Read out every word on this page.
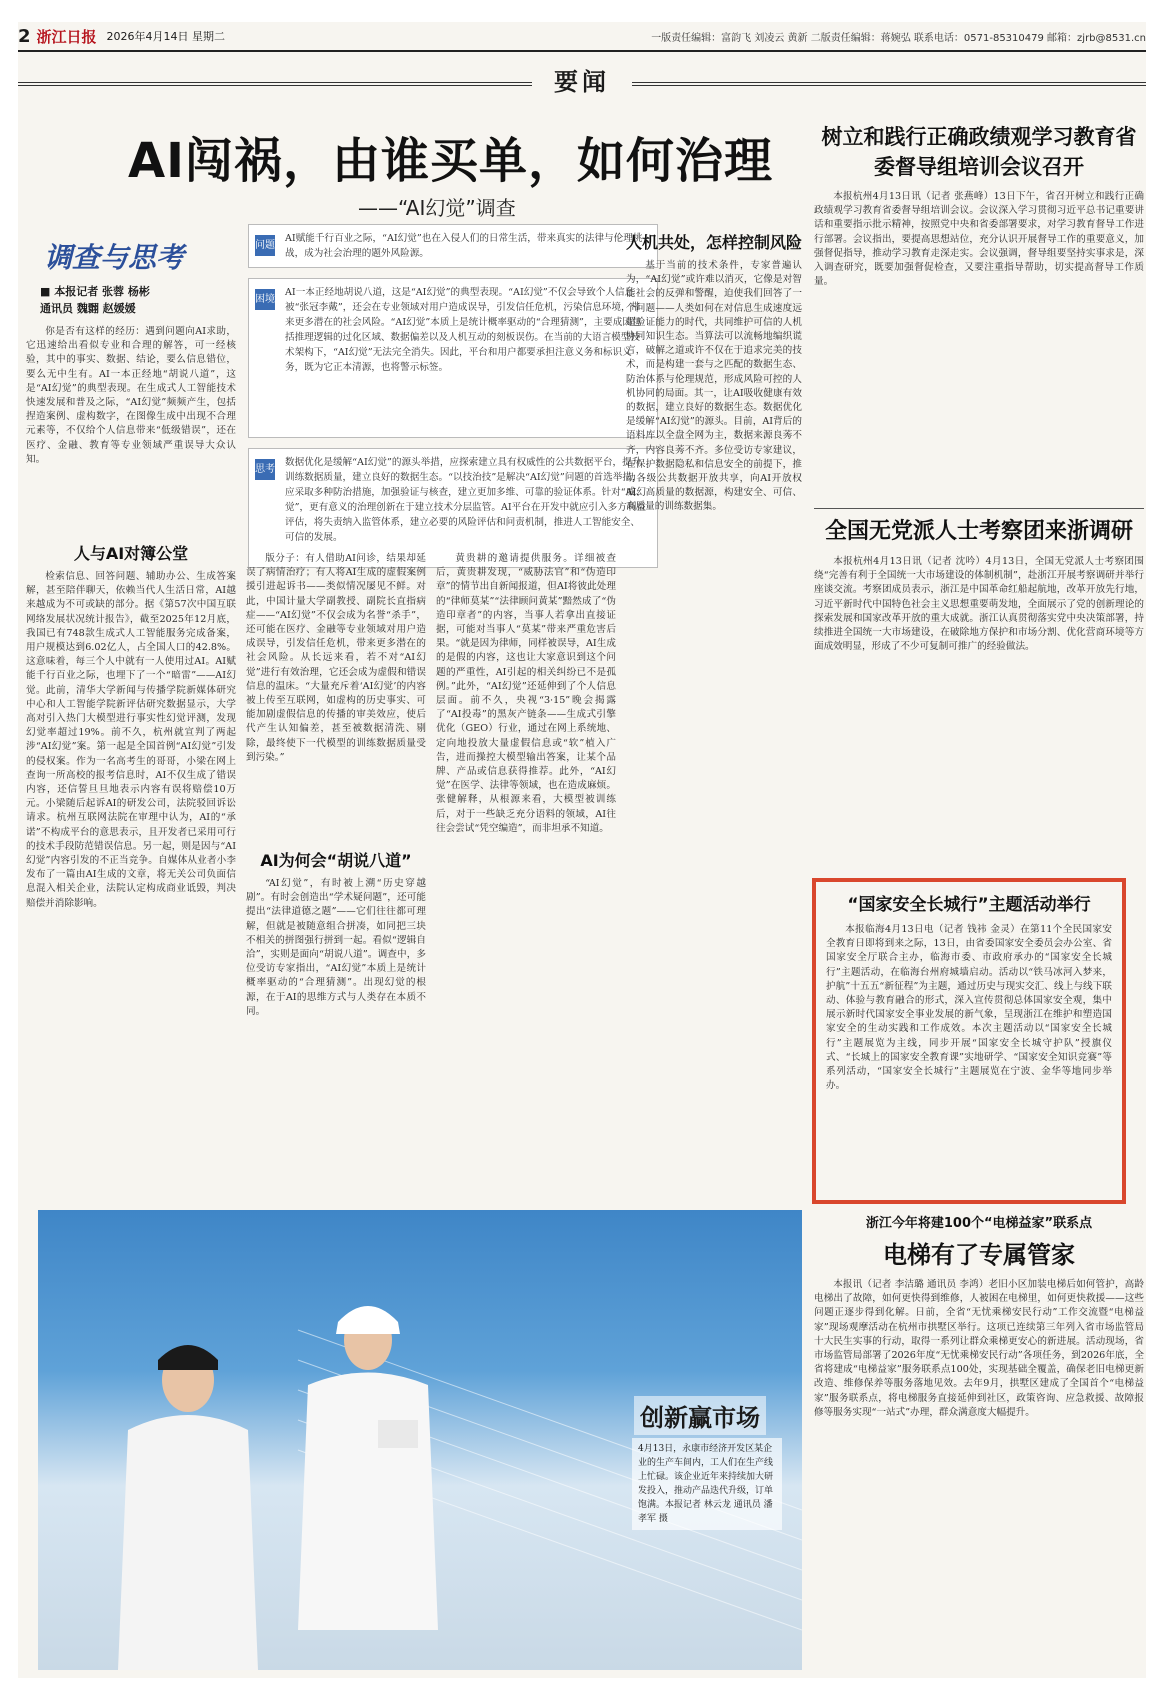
2 浙江日报 2026年4月14日 星期二	一版责任编辑：富韵飞 刘凌云 黄新 二版责任编辑：蒋婉弘 联系电话：0571-85310479 邮箱：zjrb@8531.cn
要闻
AI闯祸，由谁买单，如何治理
——“AI幻觉”调查
调查与思考
■ 本报记者 张蓉 杨彬
通讯员 魏翾 赵媛媛
你是否有这样的经历：遇到问题向AI求助，它迅速给出看似专业和合理的解答，可一经核验，其中的事实、数据、结论，要么信息错位，要么无中生有。AI一本正经地“胡说八道”，这是“AI幻觉”的典型表现。在生成式人工智能技术快速发展和普及之际，“AI幻觉”频频产生，包括捏造案例、虚构数字，在图像生成中出现不合理元素等，不仅给个人信息带来“低级错误”，还在医疗、金融、教育等专业领域严重误导大众认知。
人与AI对簿公堂
检索信息、回答问题、辅助办公、生成答案解，甚至陪伴聊天，依赖当代人生活日常，AI越来越成为不可或缺的部分。据《第57次中国互联网络发展状况统计报告》，截至2025年12月底，我国已有748款生成式人工智能服务完成备案，用户规模达到6.02亿人，占全国人口的42.8%。这意味着，每三个人中就有一人使用过AI。AI赋能千行百业之际，也埋下了一个“暗雷”——AI幻觉。此前，清华大学新闻与传播学院新媒体研究中心和人工智能学院新评估研究数据显示，大学高对引入热门大模型进行事实性幻觉评测，发现幻觉率超过19%。前不久，杭州就宣判了两起涉“AI幻觉”案。第一起是全国首例“AI幻觉”引发的侵权案。作为一名高考生的哥哥，小梁在网上查询一所高校的报考信息时，AI不仅生成了错误内容，还信誓旦旦地表示内容有误将赔偿10万元。小梁随后起诉AI的研发公司，法院驳回诉讼请求。杭州互联网法院在审理中认为，AI的“承诺”不构成平台的意思表示，且开发者已采用可行的技术手段防范错误信息。另一起，则是因与“AI幻觉”内容引发的不正当竞争。自媒体从业者小李发布了一篇由AI生成的文章，将无关公司负面信息混入相关企业，法院认定构成商业诋毁，判决赔偿并消除影响。
问题
AI赋能千行百业之际，“AI幻觉”也在入侵人们的日常生活，带来真实的法律与伦理挑战，成为社会治理的题外风险源。
困境
AI一本正经地胡说八道，这是“AI幻觉”的典型表现。“AI幻觉”不仅会导致个人信息被“张冠李戴”，还会在专业领域对用户造成误导，引发信任危机，污染信息环境，带来更多潜在的社会风险。“AI幻觉”本质上是统计概率驱动的“合理猜测”，主要成因包括推理逻辑的过化区域、数据偏差以及人机互动的刻板误伤。在当前的大语言模型技术架构下，“AI幻觉”无法完全消失。因此，平台和用户都要承担注意义务和标识义务，既为它正本清源，也将警示标签。
思考
数据优化是缓解“AI幻觉”的源头举措，应探索建立具有权威性的公共数据平台，提升训练数据质量，建立良好的数据生态。“以技治技”是解决“AI幻觉”问题的首选举措，应采取多种防治措施，加强验证与核查，建立更加多维、可靠的验证体系。针对“AI幻觉”，更有意义的治理创新在于建立技术分层监管。AI平台在开发中就应引入多方利益评估，将失责纳入监管体系，建立必要的风险评估和问责机制，推进人工智能安全、可信的发展。
版分子：有人借助AI问诊，结果却延误了病情治疗；有人将AI生成的虚假案例援引进起诉书——类似情况屡见不鲜。对此，中国计量大学副教授、副院长直指病症——“AI幻觉”不仅会成为名誉“杀手”，还可能在医疗、金融等专业领域对用户造成误导，引发信任危机，带来更多潜在的社会风险。从长远来看，若不对“AI幻觉”进行有效治理，它还会成为虚假和错误信息的温床。“大量充斥着‘AI幻觉’的内容被上传至互联网，如虚构的历史事实、可能加剧虚假信息的传播的审美效应，使后代产生认知偏差，甚至被数据清洗、剔除，最终使下一代模型的训练数据质量受到污染。”
AI为何会“胡说八道”
“AI幻觉”，有时被上溯“历史穿越剧”。有时会创造出“学术疑问题”，还可能提出“法律道德之题”——它们往往都可理解，但就是被随意组合拼凑，如同把三块不相关的拼图强行拼到一起。看似“逻辑自洽”，实则是面向“胡说八道”。调查中，多位受访专家指出，“AI幻觉”本质上是统计概率驱动的“合理猜测”。出现幻觉的根源，在于AI的思维方式与人类存在本质不同。
黄贵耕的邀请提供服务。详细被查后，黄贵耕发现，“威胁法官”和“伪造印章”的情节出自新闻报道，但AI将彼此处理的“律师莫某”“法律顾问黄某”黯然成了“伪造印章者”的内容，当事人若拿出直接证据，可能对当事人“莫某”带来严重危害后果。“就是因为律师，同样被误导，AI生成的是假的内容，这也让大家意识到这个问题的严重性，AI引起的相关纠纷已不是孤例。”此外，“AI幻觉”还延伸到了个人信息层面。前不久，央视“3·15”晚会揭露了“AI投毒”的黑灰产链条——生成式引擎优化（GEO）行业，通过在网上系统地、定向地投放大量虚假信息或“软”植入广告，进而操控大模型输出答案，让某个品牌、产品或信息获得推荐。此外，“AI幻觉”在医学、法律等领域，也在造成麻烦。张健解释，从根源来看，大模型被训练后，对于一些缺乏充分语料的领域，AI往往会尝试“凭空编造”，而非坦承不知道。
人机共处，怎样控制风险
基于当前的技术条件，专家普遍认为，“AI幻觉”或许难以消灭，它像是对智能社会的反弹和警醒，迫使我们回答了一个问题——人类如何在对信息生成速度远超验证能力的时代，共同维护可信的人机协同知识生态。当算法可以流畅地编织谎言，破解之道或许不仅在于追求完美的技术，而是构建一套与之匹配的数据生态、防治体系与伦理规范，形成风险可控的人机协同的局面。其一，让AI吸收健康有效的数据，建立良好的数据生态。数据优化是缓解“AI幻觉”的源头。目前，AI背后的语料库以全盘全网为主，数据来源良莠不齐，内容良莠不齐。多位受访专家建议，在保护数据隐私和信息安全的前提下，推动各级公共数据开放共享，向AI开放权威、高质量的数据源，构建安全、可信、高质量的训练数据集。
树立和践行正确政绩观学习教育省委督导组培训会议召开
本报杭州4月13日讯（记者 张燕峰）13日下午，省召开树立和践行正确政绩观学习教育省委督导组培训会议。会议深入学习贯彻习近平总书记重要讲话和重要指示批示精神，按照党中央和省委部署要求，对学习教育督导工作进行部署。会议指出，要提高思想站位，充分认识开展督导工作的重要意义，加强督促指导，推动学习教育走深走实。会议强调，督导组要坚持实事求是，深入调查研究，既要加强督促检查，又要注重指导帮助，切实提高督导工作质量。
全国无党派人士考察团来浙调研
本报杭州4月13日讯（记者 沈吟）4月13日，全国无党派人士考察团围绕“完善有利于全国统一大市场建设的体制机制”，赴浙江开展考察调研并举行座谈交流。考察团成员表示，浙江是中国革命红船起航地，改革开放先行地，习近平新时代中国特色社会主义思想重要萌发地，全面展示了党的创新理论的探索发展和国家改革开放的重大成就。浙江认真贯彻落实党中央决策部署，持续推进全国统一大市场建设，在破除地方保护和市场分割、优化营商环境等方面成效明显，形成了不少可复制可推广的经验做法。
“国家安全长城行”主题活动举行
本报临海4月13日电（记者 钱祎 金灵）在第11个全民国家安全教育日即将到来之际，13日，由省委国家安全委员会办公室、省国家安全厅联合主办，临海市委、市政府承办的“国家安全长城行”主题活动，在临海台州府城墙启动。活动以“铁马冰河入梦来，护航”十五五“新征程”为主题，通过历史与现实交汇、线上与线下联动、体验与教育融合的形式，深入宣传贯彻总体国家安全观，集中展示新时代国家安全事业发展的新气象，呈现浙江在维护和塑造国家安全的生动实践和工作成效。本次主题活动以“国家安全长城行”主题展览为主线，同步开展“国家安全长城守护队”授旗仪式、“长城上的国家安全教育课”实地研学、“国家安全知识竞赛”等系列活动，“国家安全长城行”主题展览在宁波、金华等地同步举办。
浙江今年将建100个“电梯益家”联系点
电梯有了专属管家
本报讯（记者 李洁璐 通讯员 李鸿）老旧小区加装电梯后如何管护，高龄电梯出了故障，如何更快得到维修，人被困在电梯里，如何更快救援——这些问题正逐步得到化解。日前，全省“无忧乘梯安民行动”工作交流暨“电梯益家”现场观摩活动在杭州市拱墅区举行。这项已连续第三年列入省市场监管局十大民生实事的行动，取得一系列让群众乘梯更安心的新进展。活动现场，省市场监管局部署了2026年度“无忧乘梯安民行动”各项任务，到2026年底，全省将建成“电梯益家”服务联系点100处，实现基础全覆盖，确保老旧电梯更新改造、维修保养等服务落地见效。去年9月，拱墅区建成了全国首个“电梯益家”服务联系点，将电梯服务直接延伸到社区，政策咨询、应急救援、故障报修等服务实现“一站式”办理，群众满意度大幅提升。
创新赢市场
4月13日，永康市经济开发区某企业的生产车间内，工人们在生产线上忙碌。该企业近年来持续加大研发投入，推动产品迭代升级，订单饱满。本报记者 林云龙 通讯员 潘孝军 摄
